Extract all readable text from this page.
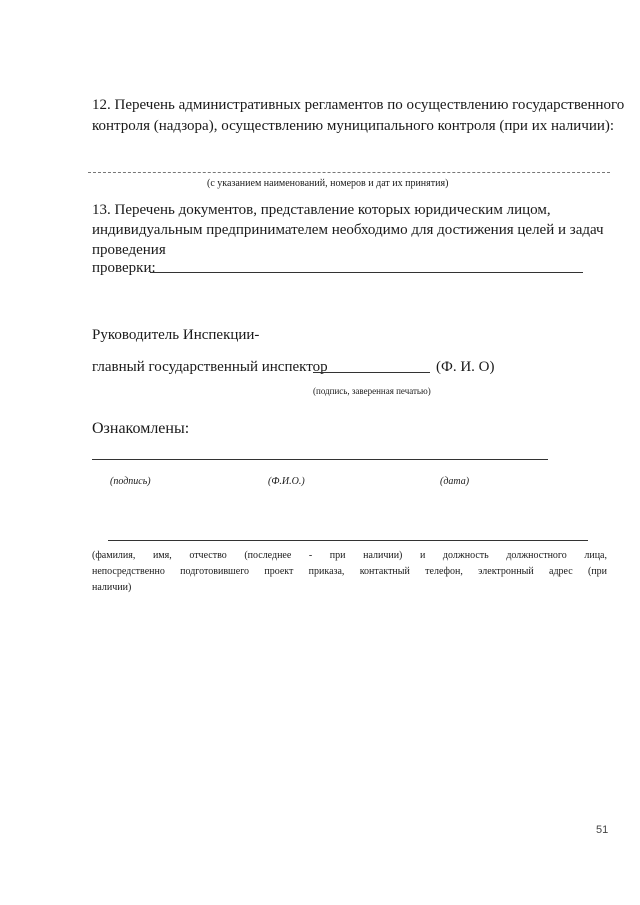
12. Перечень административных регламентов по осуществлению государственного
контроля (надзора), осуществлению муниципального контроля (при их наличии):
(с указанием наименований, номеров и дат их принятия)
13. Перечень документов, представление которых юридическим лицом,
индивидуальным предпринимателем необходимо для достижения целей и задач
проведения
проверки:
Руководитель Инспекции-
главный государственный инспектор	(Ф. И. О)
(подпись, заверенная печатью)
Ознакомлены:
(подпись)	(Ф.И.О.)	(дата)
(фамилия, имя, отчество (последнее - при наличии) и должность должностного лица,
непосредственно подготовившего проект приказа, контактный телефон, электронный адрес (при
наличии)
51
